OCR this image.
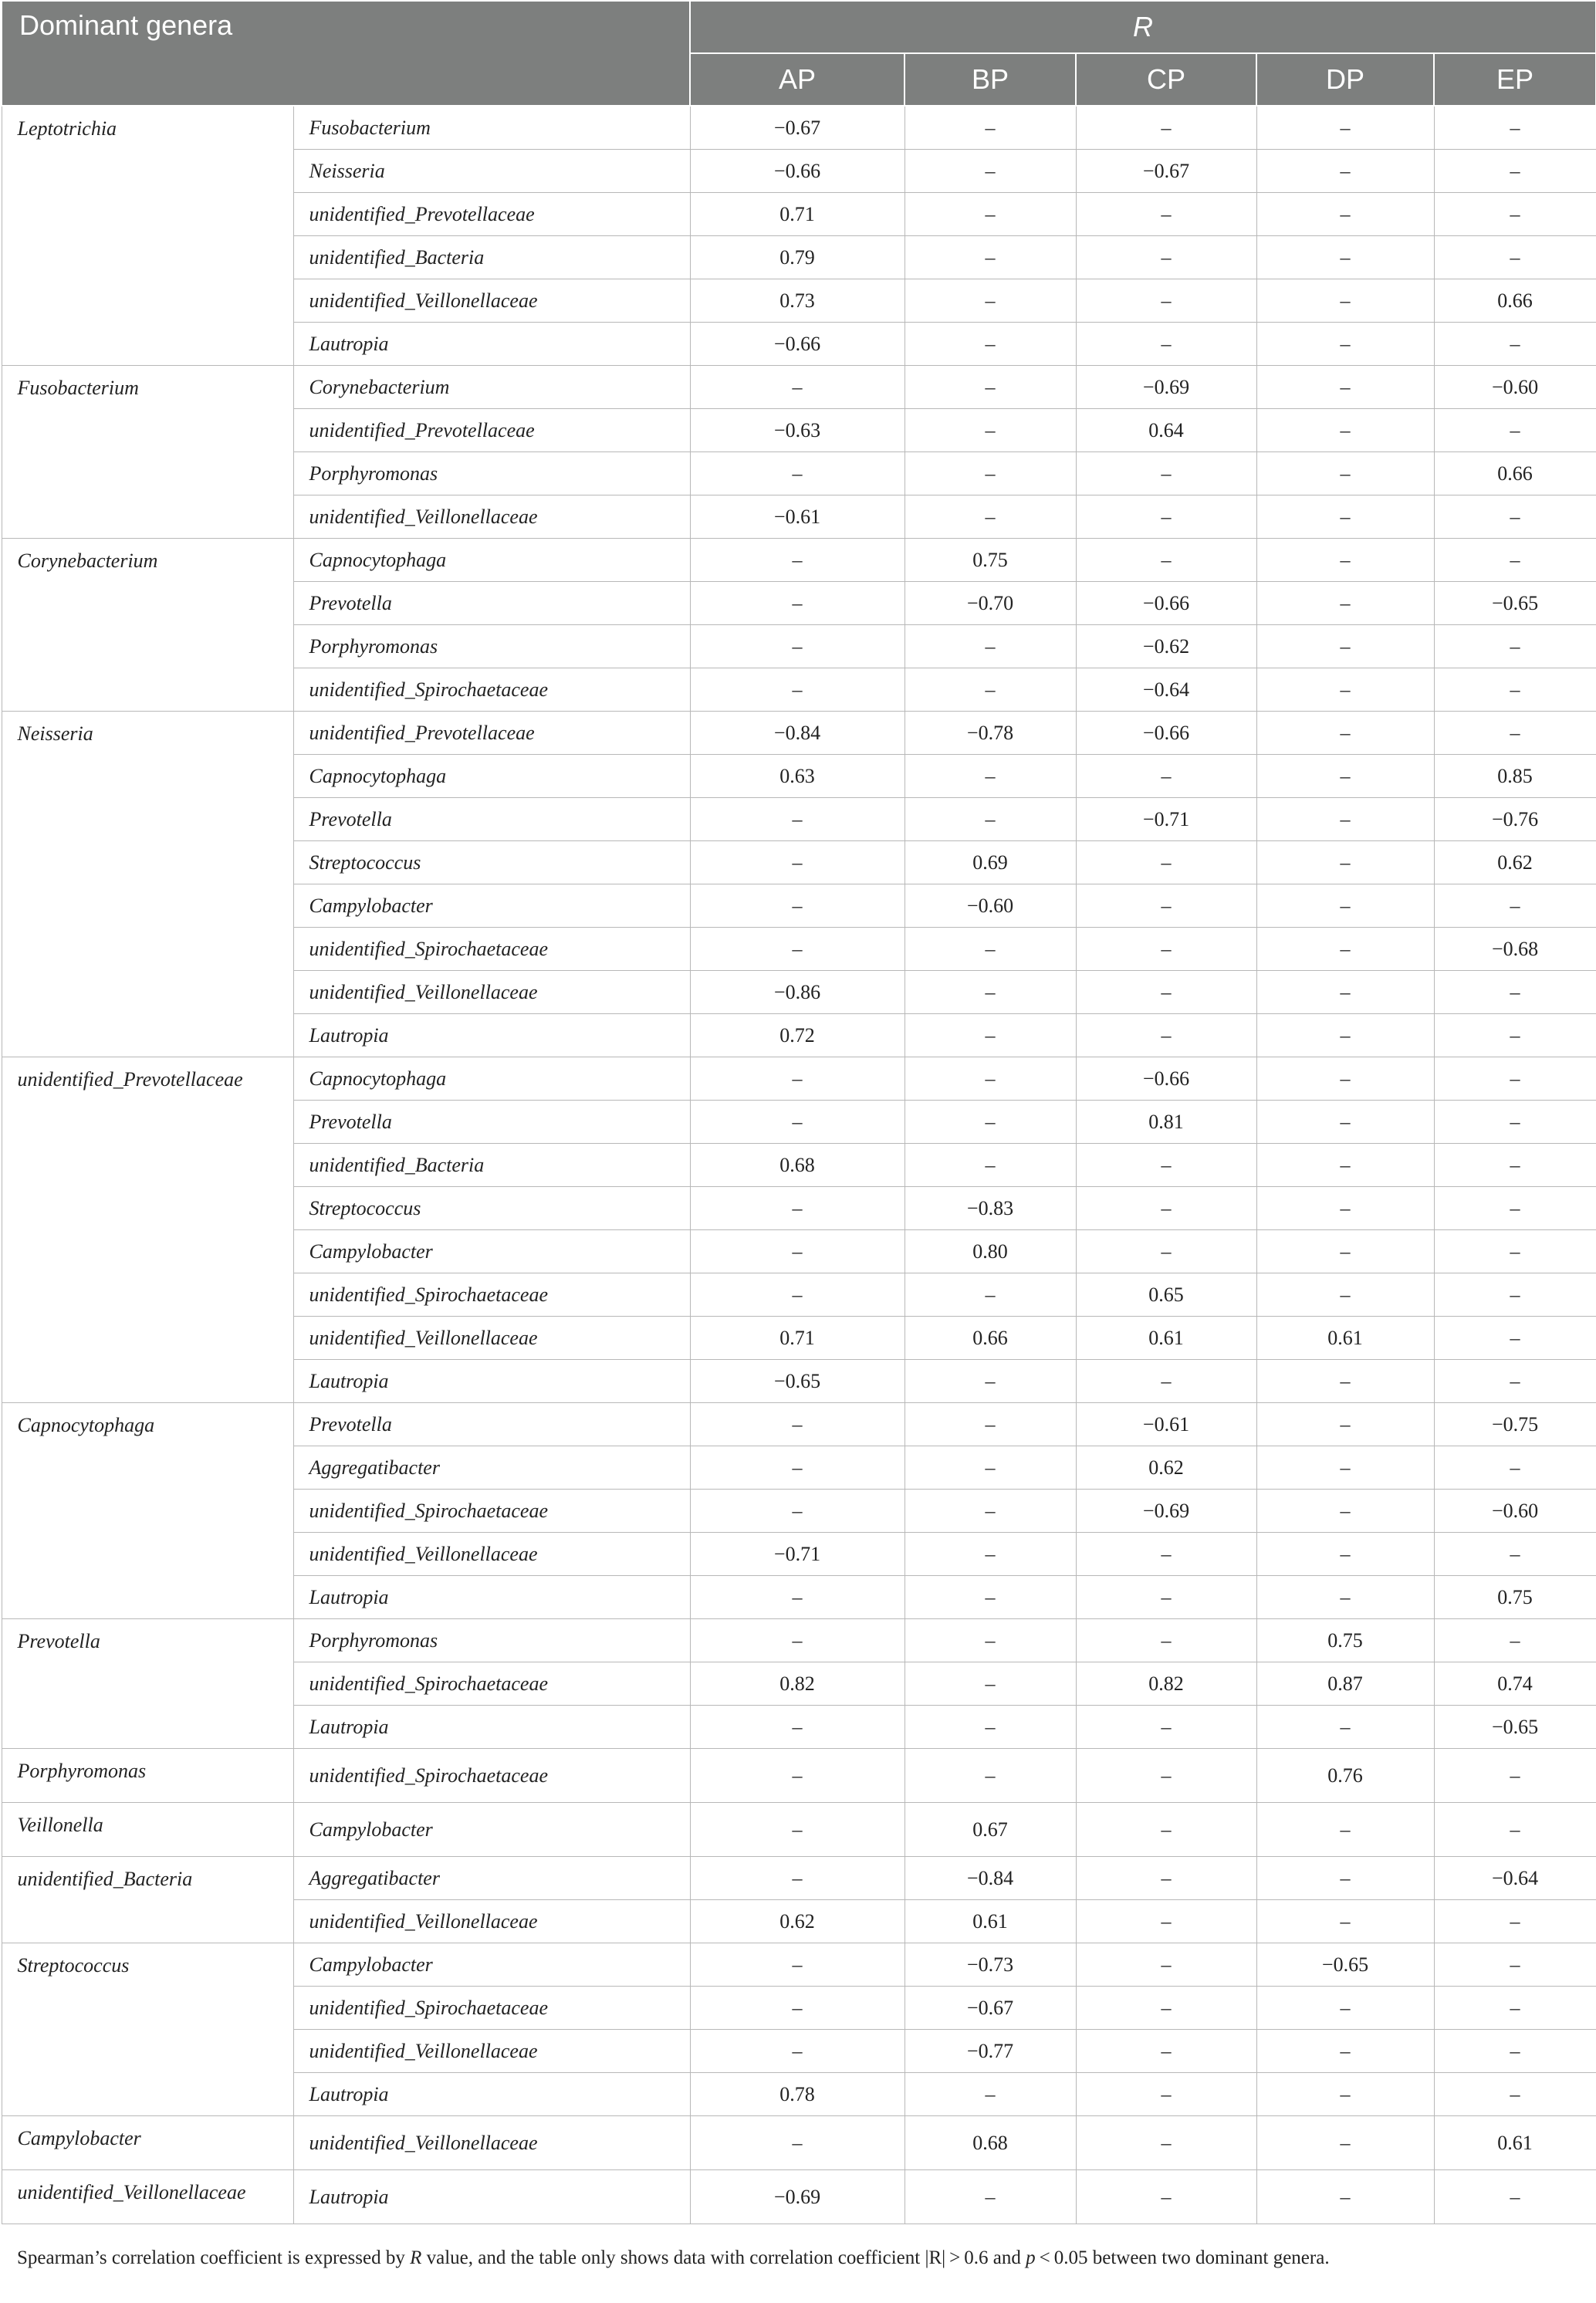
Dominant genera		R				
		AP	BP	CP	DP	EP
Leptotrichia	Fusobacterium	−0.67	–	–	–	–
	Neisseria	−0.66	–	−0.67	–	–
	unidentified_Prevotellaceae	0.71	–	–	–	–
	unidentified_Bacteria	0.79	–	–	–	–
	unidentified_Veillonellaceae	0.73	–	–	–	0.66
	Lautropia	−0.66	–	–	–	–
Fusobacterium	Corynebacterium	–	–	−0.69	–	−0.60
	unidentified_Prevotellaceae	−0.63	–	0.64	–	–
	Porphyromonas	–	–	–	–	0.66
	unidentified_Veillonellaceae	−0.61	–	–	–	–
Corynebacterium	Capnocytophaga	–	0.75	–	–	–
	Prevotella	–	−0.70	−0.66	–	−0.65
	Porphyromonas	–	–	−0.62	–	–
	unidentified_Spirochaetaceae	–	–	−0.64	–	–
Neisseria	unidentified_Prevotellaceae	−0.84	−0.78	−0.66	–	–
	Capnocytophaga	0.63	–	–	–	0.85
	Prevotella	–	–	−0.71	–	−0.76
	Streptococcus	–	0.69	–	–	0.62
	Campylobacter	–	−0.60	–	–	–
	unidentified_Spirochaetaceae	–	–	–	–	−0.68
	unidentified_Veillonellaceae	−0.86	–	–	–	–
	Lautropia	0.72	–	–	–	–
unidentified_Prevotellaceae	Capnocytophaga	–	–	−0.66	–	–
	Prevotella	–	–	0.81	–	–
	unidentified_Bacteria	0.68	–	–	–	–
	Streptococcus	–	−0.83	–	–	–
	Campylobacter	–	0.80	–	–	–
	unidentified_Spirochaetaceae	–	–	0.65	–	–
	unidentified_Veillonellaceae	0.71	0.66	0.61	0.61	–
	Lautropia	−0.65	–	–	–	–
Capnocytophaga	Prevotella	–	–	−0.61	–	−0.75
	Aggregatibacter	–	–	0.62	–	–
	unidentified_Spirochaetaceae	–	–	−0.69	–	−0.60
	unidentified_Veillonellaceae	−0.71	–	–	–	–
	Lautropia	–	–	–	–	0.75
Prevotella	Porphyromonas	–	–	–	0.75	–
	unidentified_Spirochaetaceae	0.82	–	0.82	0.87	0.74
	Lautropia	–	–	–	–	−0.65
Porphyromonas	unidentified_Spirochaetaceae	–	–	–	0.76	–
Veillonella	Campylobacter	–	0.67	–	–	–
unidentified_Bacteria	Aggregatibacter	–	−0.84	–	–	−0.64
	unidentified_Veillonellaceae	0.62	0.61	–	–	–
Streptococcus	Campylobacter	–	−0.73	–	−0.65	–
	unidentified_Spirochaetaceae	–	−0.67	–	–	–
	unidentified_Veillonellaceae	–	−0.77	–	–	–
	Lautropia	0.78	–	–	–	–
Campylobacter	unidentified_Veillonellaceae	–	0.68	–	–	0.61
unidentified_Veillonellaceae	Lautropia	−0.69	–	–	–	–
Spearman’s correlation coefficient is expressed by R value, and the table only shows data with correlation coefficient |R| > 0.6 and p < 0.05 between two dominant genera.
